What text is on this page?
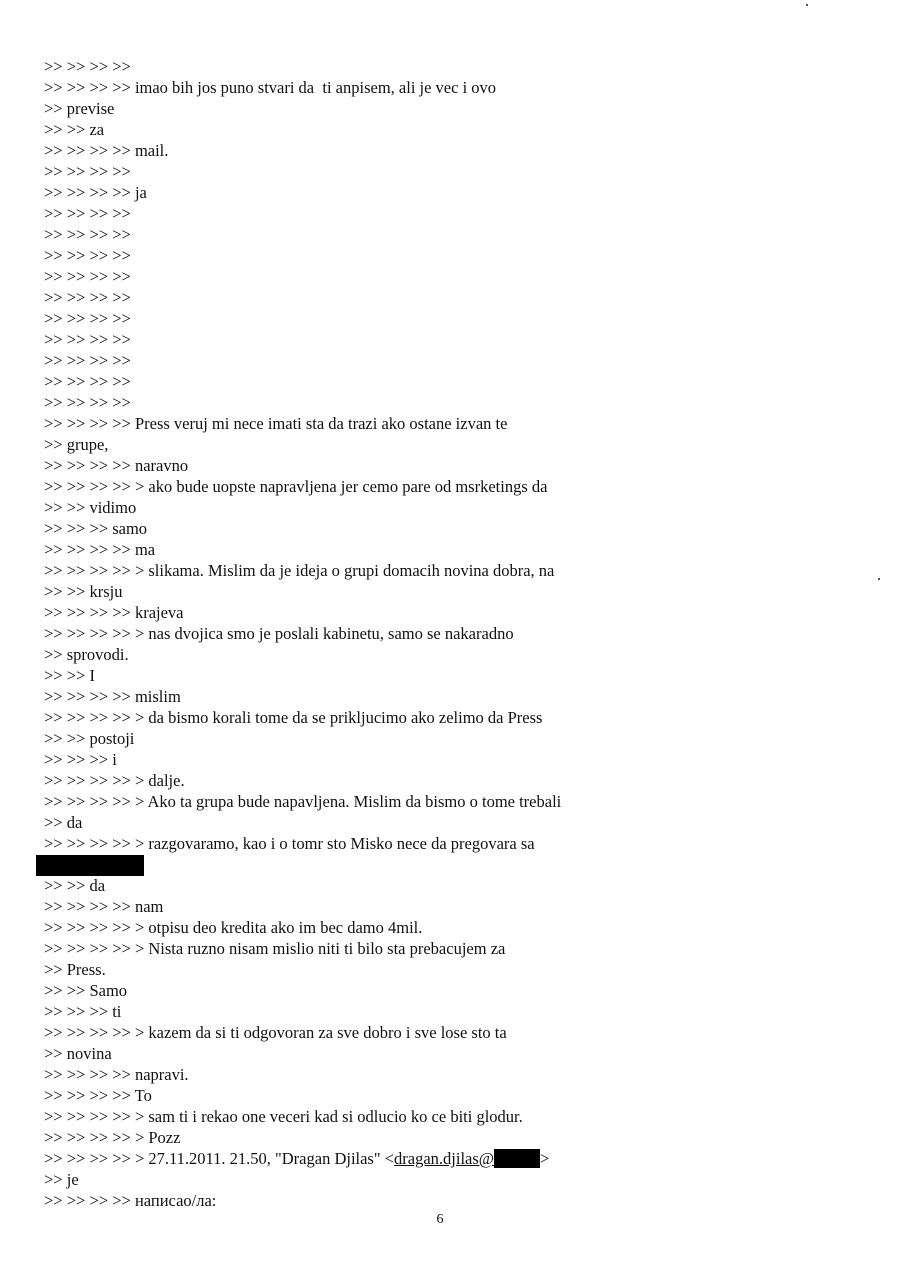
>> >> >> >>
>> >> >> >> imao bih jos puno stvari da  ti anpisem, ali je vec i ovo
>> previse
>> >> za
>> >> >> >> mail.
>> >> >> >>
>> >> >> >> ja
>> >> >> >>
>> >> >> >>
>> >> >> >>
>> >> >> >>
>> >> >> >>
>> >> >> >>
>> >> >> >>
>> >> >> >>
>> >> >> >>
>> >> >> >>
>> >> >> >> Press veruj mi nece imati sta da trazi ako ostane izvan te
>> grupe,
>> >> >> >> naravno
>> >> >> >> > ako bude uopste napravljena jer cemo pare od msrketings da
>> >> vidimo
>> >> >> samo
>> >> >> >> ma
>> >> >> >> > slikama. Mislim da je ideja o grupi domacih novina dobra, na
>> >> krsju
>> >> >> >> krajeva
>> >> >> >> > nas dvojica smo je poslali kabinetu, samo se nakaradno
>> sprovodi.
>> >> I
>> >> >> >> mislim
>> >> >> >> > da bismo korali tome da se prikljucimo ako zelimo da Press
>> >> postoji
>> >> >> i
>> >> >> >> > dalje.
>> >> >> >> > Ako ta grupa bude napavljena. Mislim da bismo o tome trebali
>> da
>> >> >> >> > razgovaramo, kao i o tomr sto Misko nece da pregovara sa
>> >> da
>> >> >> >> nam
>> >> >> >> > otpisu deo kredita ako im bec damo 4mil.
>> >> >> >> > Nista ruzno nisam mislio niti ti bilo sta prebacujem za
>> Press.
>> >> Samo
>> >> >> ti
>> >> >> >> > kazem da si ti odgovoran za sve dobro i sve lose sto ta
>> novina
>> >> >> >> napravi.
>> >> >> >> To
>> >> >> >> > sam ti i rekao one veceri kad si odlucio ko ce biti glodur.
>> >> >> >> > Pozz
>> >> >> >> > 27.11.2011. 21.50, "Dragan Djilas" <dragan.djilas@	>
>> je
>> >> >> >> написао/ла:
6
